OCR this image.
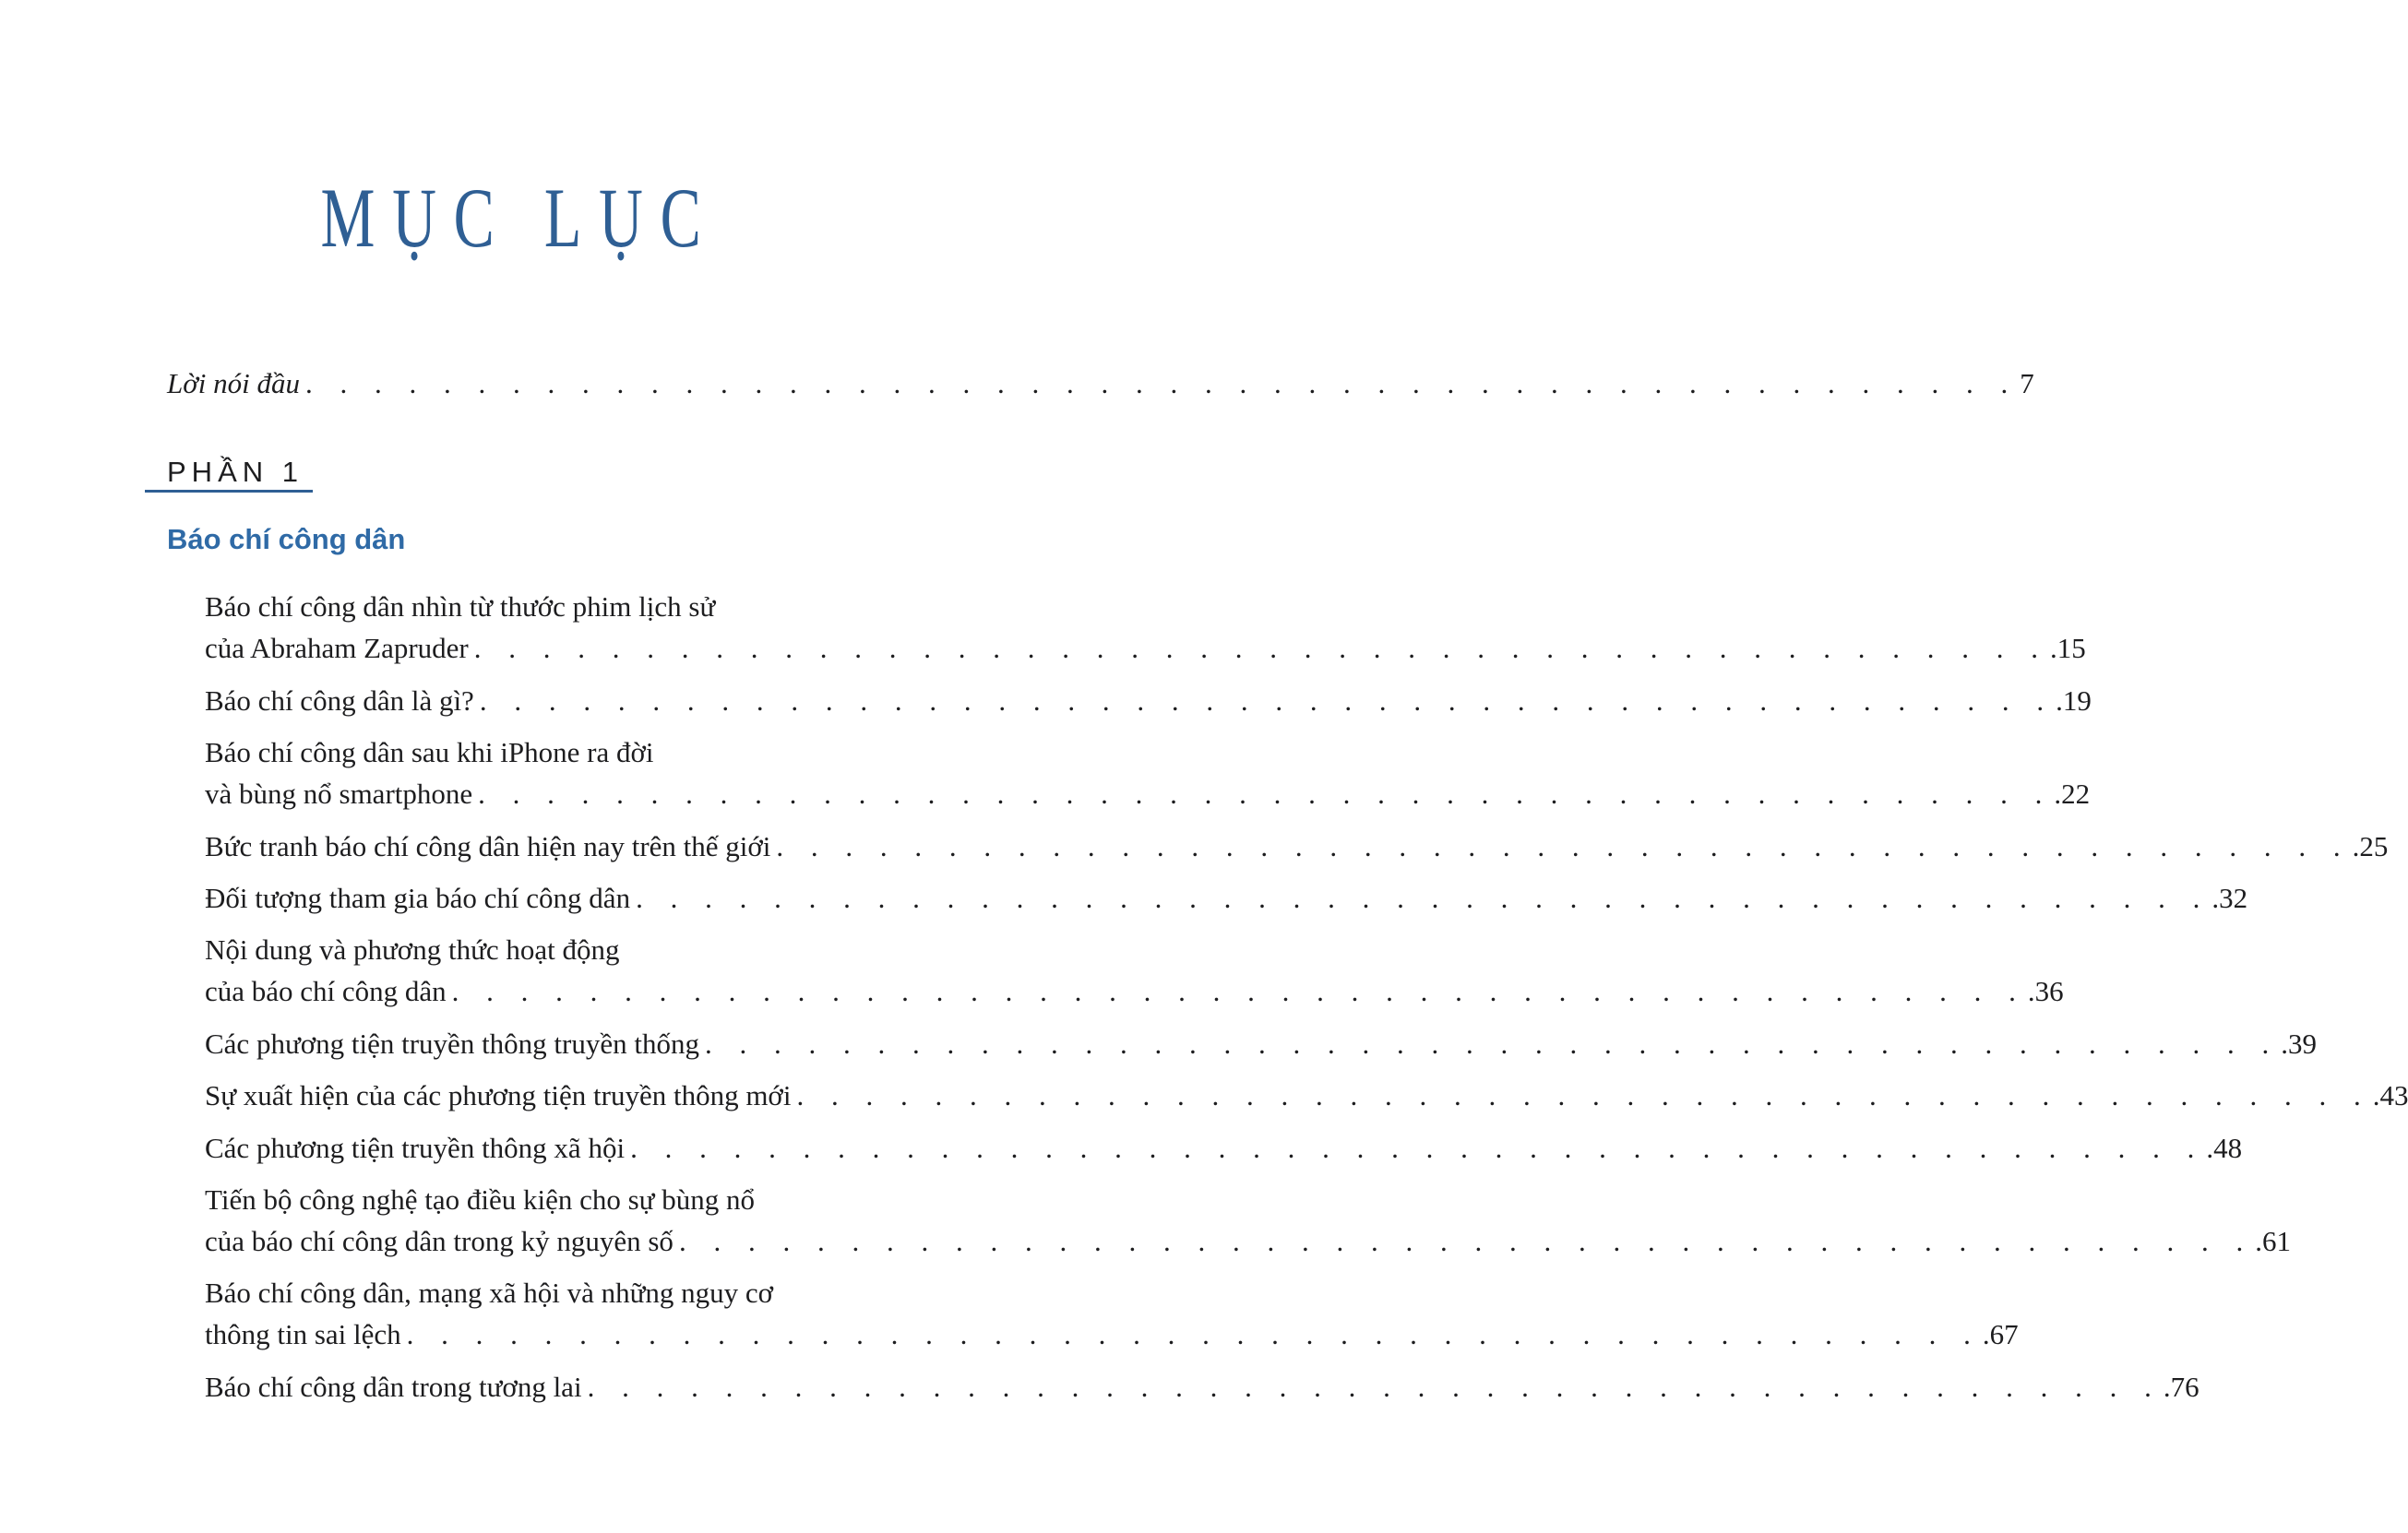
MỤC LỤC
Lời nói đầu . . . . . . . . . . . . . . . . . . . . . . . . . . . . . . . . . . . . . . . . . . . . . . . . . . 7
PHẦN 1
Báo chí công dân
Báo chí công dân nhìn từ thước phim lịch sử
của Abraham Zapruder . . . . . . . . . . . . . . . . . . . . . . . . . . . . . . . . . . . . . . . . . . . . . . .15
Báo chí công dân là gì? . . . . . . . . . . . . . . . . . . . . . . . . . . . . . . . . . . . . . . . . . . . . . . .19
Báo chí công dân sau khi iPhone ra đời
và bùng nổ smartphone . . . . . . . . . . . . . . . . . . . . . . . . . . . . . . . . . . . . . . . . . . . . . . .22
Bức tranh báo chí công dân hiện nay trên thế giới . . . . . . . . . . . . . . . . . . . . . . . . . . . . . . . . . . . . . . . . . . . . . . .25
Đối tượng tham gia báo chí công dân . . . . . . . . . . . . . . . . . . . . . . . . . . . . . . . . . . . . . . . . . . . . . . .32
Nội dung và phương thức hoạt động
của báo chí công dân . . . . . . . . . . . . . . . . . . . . . . . . . . . . . . . . . . . . . . . . . . . . . . .36
Các phương tiện truyền thông truyền thống . . . . . . . . . . . . . . . . . . . . . . . . . . . . . . . . . . . . . . . . . . . . . . .39
Sự xuất hiện của các phương tiện truyền thông mới . . . . . . . . . . . . . . . . . . . . . . . . . . . . . . . . . . . . . . . . . . . . . . .43
Các phương tiện truyền thông xã hội . . . . . . . . . . . . . . . . . . . . . . . . . . . . . . . . . . . . . . . . . . . . . . .48
Tiến bộ công nghệ tạo điều kiện cho sự bùng nổ
của báo chí công dân trong kỷ nguyên số . . . . . . . . . . . . . . . . . . . . . . . . . . . . . . . . . . . . . . . . . . . . . . .61
Báo chí công dân, mạng xã hội và những nguy cơ
thông tin sai lệch . . . . . . . . . . . . . . . . . . . . . . . . . . . . . . . . . . . . . . . . . . . . . . .67
Báo chí công dân trong tương lai . . . . . . . . . . . . . . . . . . . . . . . . . . . . . . . . . . . . . . . . . . . . . . .76
